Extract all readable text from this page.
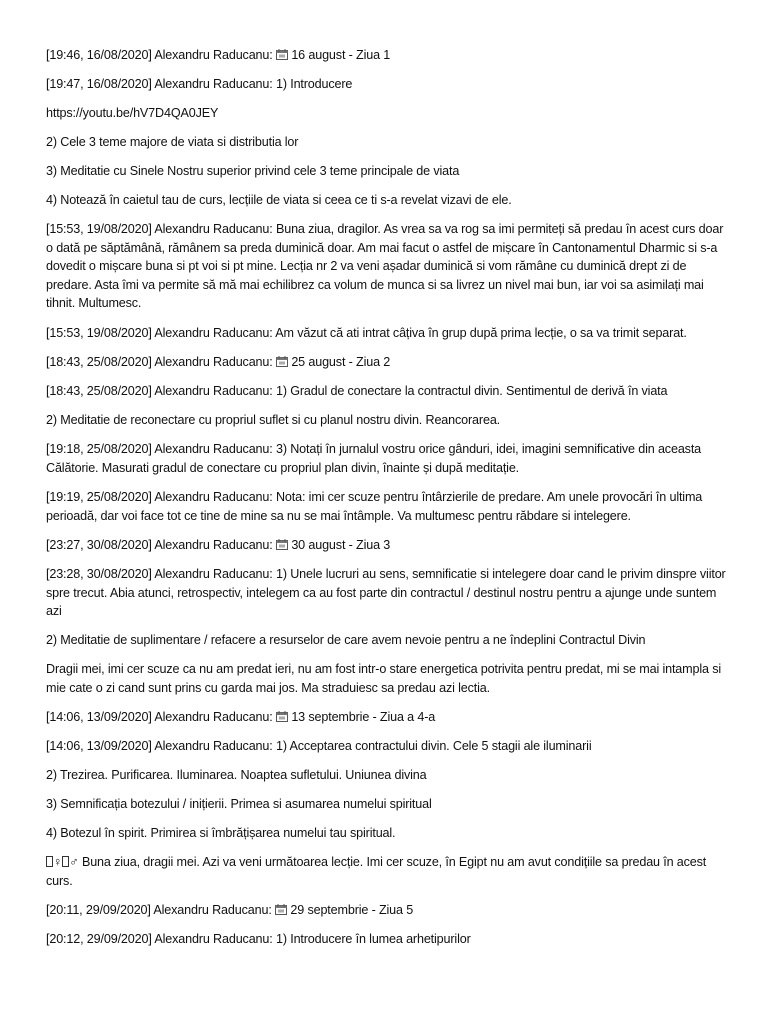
[19:46, 16/08/2020] Alexandru Raducanu:
16 august - Ziua 1

[19:47, 16/08/2020] Alexandru Raducanu: 1) Introducere

https://youtu.be/hV7D4QA0JEY

2) Cele 3 teme majore de viata si distributia lor

3) Meditatie cu Sinele Nostru superior privind cele 3 teme principale de viata

4) Notează în caietul tau de curs, lecțiile de viata si ceea ce ti s-a revelat vizavi de ele.

[15:53, 19/08/2020] Alexandru Raducanu: Buna ziua, dragilor. As vrea sa va rog sa imi permiteți să predau în acest curs doar o dată pe săptămână, rămânem sa preda duminică doar. Am mai facut o astfel de mișcare în Cantonamentul Dharmic si s-a dovedit o mișcare buna si pt voi si pt mine. Lecția nr 2 va veni așadar duminică si vom rămâne cu duminică drept zi de predare. Asta îmi va permite să mă mai echilibrez ca volum de munca si sa livrez un nivel mai bun, iar voi sa asimilați mai tihnit. Multumesc.

[15:53, 19/08/2020] Alexandru Raducanu: Am văzut că ati intrat câțiva în grup după prima lecție, o sa va trimit separat.

[18:43, 25/08/2020] Alexandru Raducanu:
25 august - Ziua 2

[18:43, 25/08/2020] Alexandru Raducanu: 1) Gradul de conectare la contractul divin. Sentimentul de derivă în viata

2) Meditatie de reconectare cu propriul suflet si cu planul nostru divin. Reancorarea.

[19:18, 25/08/2020] Alexandru Raducanu: 3) Notați în jurnalul vostru orice gânduri, idei, imagini semnificative din aceasta Călătorie. Masurati gradul de conectare cu propriul plan divin, înainte și după meditație.

[19:19, 25/08/2020] Alexandru Raducanu: Nota: imi cer scuze pentru întârzierile de predare. Am unele provocări în ultima perioadă, dar voi face tot ce tine de mine sa nu se mai întâmple. Va multumesc pentru răbdare si intelegere.

[23:27, 30/08/2020] Alexandru Raducanu:
30 august - Ziua 3

[23:28, 30/08/2020] Alexandru Raducanu: 1) Unele lucruri au sens, semnificatie si intelegere doar cand le privim dinspre viitor spre trecut. Abia atunci, retrospectiv, intelegem ca au fost parte din contractul / destinul nostru pentru a ajunge unde suntem azi

2) Meditatie de suplimentare / refacere a resurselor de care avem nevoie pentru a ne îndeplini Contractul Divin

Dragii mei, imi cer scuze ca nu am predat ieri, nu am fost intr-o stare energetica potrivita pentru predat, mi se mai intampla si mie cate o zi cand sunt prins cu garda mai jos. Ma straduiesc sa predau azi lectia.

[14:06, 13/09/2020] Alexandru Raducanu:
13 septembrie - Ziua a 4-a

[14:06, 13/09/2020] Alexandru Raducanu: 1) Acceptarea contractului divin. Cele 5 stagii ale iluminarii

2) Trezirea. Purificarea. Iluminarea. Noaptea sufletului. Uniunea divina

3) Semnificația botezului / inițierii. Primea si asumarea numelui spiritual

4) Botezul în spirit. Primirea si îmbrățișarea numelui tau spiritual.

♀ ♂ Buna ziua, dragii mei. Azi va veni următoarea lecție. Imi cer scuze, în Egipt nu am avut condițiile sa predau în acest curs.

[20:11, 29/09/2020] Alexandru Raducanu:
29 septembrie - Ziua 5

[20:12, 29/09/2020] Alexandru Raducanu: 1) Introducere în lumea arhetipurilor
